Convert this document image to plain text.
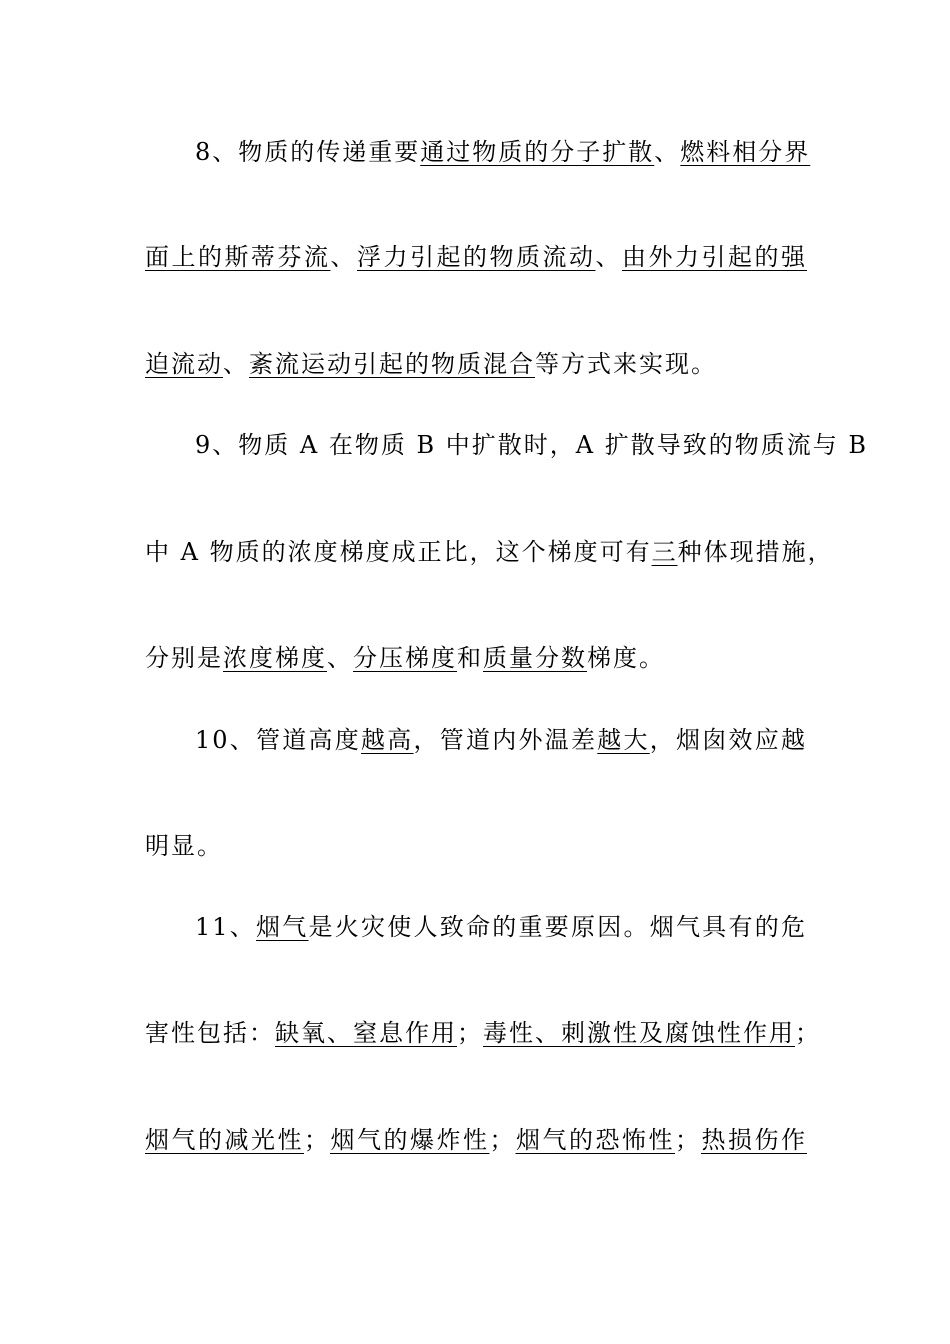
8、物质的传递重要通过物质的分子扩散、燃料相分界
面上的斯蒂芬流、浮力引起的物质流动、由外力引起的强
迫流动、紊流运动引起的物质混合等方式来实现。
9、物质 A 在物质 B 中扩散时，A 扩散导致的物质流与 B
中 A 物质的浓度梯度成正比，这个梯度可有三种体现措施，
分别是浓度梯度、分压梯度和质量分数梯度。
10、管道高度越高，管道内外温差越大，烟囱效应越
明显。
11、烟气是火灾使人致命的重要原因。烟气具有的危
害性包括：缺氧、窒息作用；毒性、刺激性及腐蚀性作用；
烟气的减光性；烟气的爆炸性；烟气的恐怖性；热损伤作
